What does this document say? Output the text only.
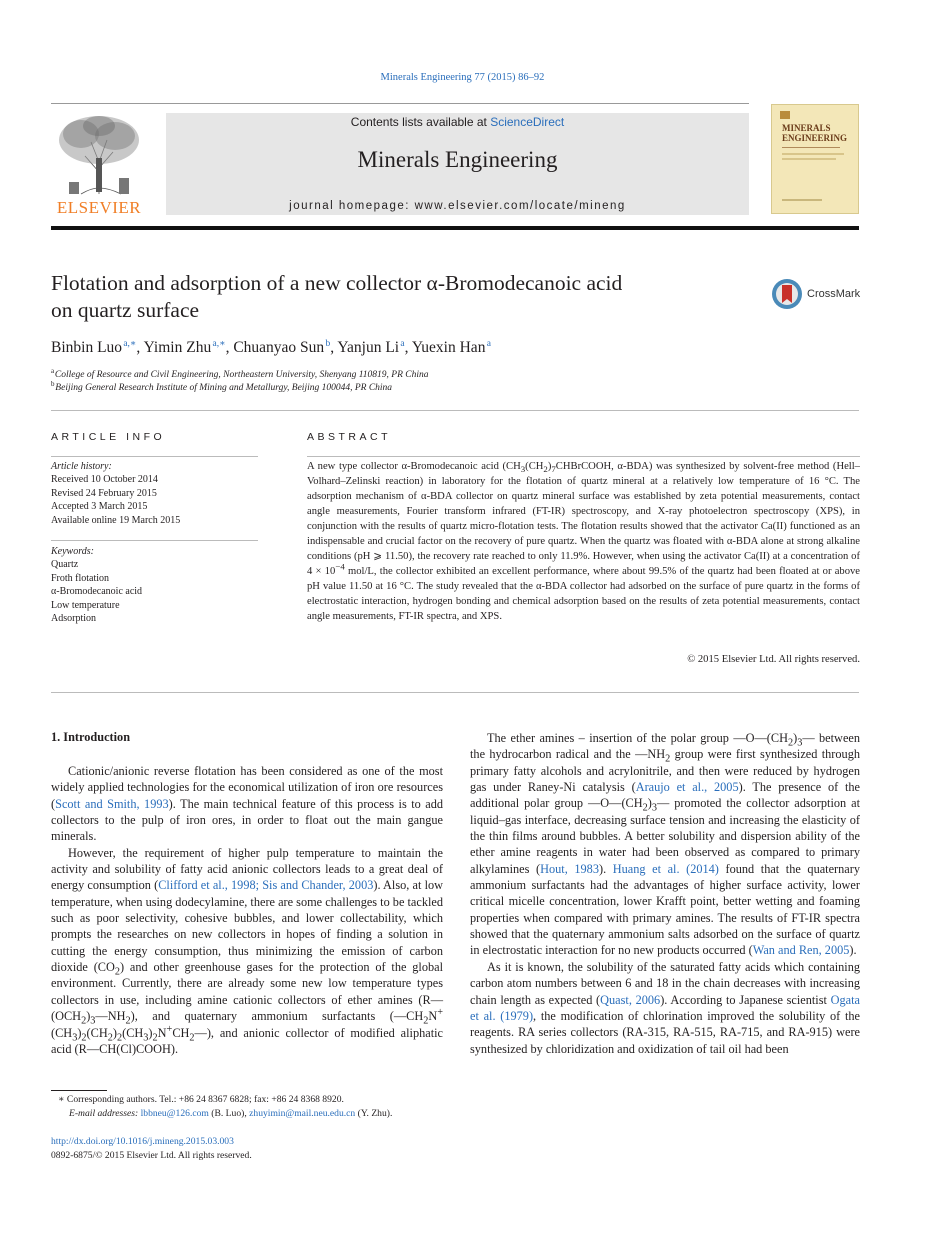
Minerals Engineering 77 (2015) 86–92
ELSEVIER
Contents lists available at ScienceDirect
Minerals Engineering
journal homepage: www.elsevier.com/locate/mineng
MINERALS ENGINEERING
Flotation and adsorption of a new collector α-Bromodecanoic acid
on quartz surface
CrossMark
Binbin Luo $^{a,∗}$, Yimin Zhu $^{a,∗}$, Chuanyao Sun $^b$, Yanjun Li $^a$, Yuexin Han $^a$
$^a$ College of Resource and Civil Engineering, Northeastern University, Shenyang 110819, PR China
$^b$ Beijing General Research Institute of Mining and Metallurgy, Beijing 100044, PR China
ARTICLE INFO
Article history:
Received 10 October 2014
Revised 24 February 2015
Accepted 3 March 2015
Available online 19 March 2015
Keywords:
Quartz
Froth flotation
α-Bromodecanoic acid
Low temperature
Adsorption
ABSTRACT
A new type collector α-Bromodecanoic acid ($CH_3(CH_2)_7CHBrCOOH$, α-BDA) was synthesized by solvent-free method (Hell–Volhard–Zelinski reaction) in laboratory for the flotation of quartz mineral at a relatively low temperature of 16 °C. The adsorption mechanism of α-BDA collector on quartz mineral surface was established by zeta potential measurements, contact angle measurements, Fourier transform infrared (FT-IR) spectroscopy, and X-ray photoelectron spectroscopy (XPS), in conjunction with the results of quartz micro-flotation tests. The flotation results showed that the activator Ca(II) functioned as an indispensable and crucial factor on the recovery of pure quartz. When the quartz was floated with α-BDA alone at strong alkaline conditions (pH ⩾ 11.50), the recovery rate reached to only 11.9%. However, when using the activator Ca(II) at a concentration of $4 \times 10^{-4}$ mol/L, the collector exhibited an excellent performance, where about 99.5% of the quartz had been floated at or above pH value 11.50 at 16 °C. The study revealed that the α-BDA collector had adsorbed on the surface of pure quartz in the forms of electrostatic interaction, hydrogen bonding and chemical adsorption based on the results of zeta potential measurements, contact angle measurements, FT-IR spectra, and XPS.
© 2015 Elsevier Ltd. All rights reserved.
1. Introduction

Cationic/anionic reverse flotation has been considered as one of the most widely applied technologies for the economical utilization of iron ore resources (Scott and Smith, 1993). The main technical feature of this process is to add collectors to the pulp of iron ores, in order to float out the main gangue minerals.

However, the requirement of higher pulp temperature to maintain the activity and solubility of fatty acid anionic collectors leads to a great deal of energy consumption (Clifford et al., 1998; Sis and Chander, 2003). Also, at low temperature, when using dodecylamine, there are some challenges to be tackled such as poor selectivity, cohesive bubbles, and lower collectability, which prompts the researches on new collectors in hopes of finding a solution in cutting the energy consumption, thus minimizing the emission of carbon dioxide $(CO_2)$ and other greenhouse gases for the protection of the global environment. Currently, there are already some new low temperature types collectors in use, including amine cationic collectors of ether amines $(R—(OCH_2)_3—NH_2)$, and quaternary ammonium surfactants $(—CH_2N^+(CH_3)_2(CH_2)_2(CH_3)_2N^+CH_2—)$, and anionic collector of modified aliphatic acid (R—CH(Cl)COOH).

∗ Corresponding authors. Tel.: +86 24 8367 6828; fax: +86 24 8368 8920.
E-mail addresses: lbbneu@126.com (B. Luo), zhuyimin@mail.neu.edu.cn (Y. Zhu).
http://dx.doi.org/10.1016/j.mineng.2015.03.003
0892-6875/© 2015 Elsevier Ltd. All rights reserved.

The ether amines – insertion of the polar group $—O—(CH_2)_3—$ between the hydrocarbon radical and the $—NH_2$ group were first synthesized through primary fatty alcohols and acrylonitrile, and then were reduced by hydrogen gas under Raney-Ni catalysis (Araujo et al., 2005). The presence of the additional polar group $—O—(CH_2)_3—$ promoted the collector adsorption at liquid–gas interface, decreasing surface tension and increasing the elasticity of the thin films around bubbles. A better solubility and dispersion ability of the ether amine reagents in water had been observed as compared to primary alkylamines (Hout, 1983). Huang et al. (2014) found that the quaternary ammonium surfactants had the advantages of higher surface activity, lower critical micelle concentration, lower Krafft point, better wetting and foaming properties when compared with primary amines. The results of FT-IR spectra showed that the quaternary ammonium salts adsorbed on the surface of quartz in electrostatic interaction for no new products occurred (Wan and Ren, 2005).

As it is known, the solubility of the saturated fatty acids which containing carbon atom numbers between 6 and 18 in the chain decreases with increasing chain length as expected (Quast, 2006). According to Japanese scientist Ogata et al. (1979), the modification of chlorination improved the solubility of the reagents. RA series collectors (RA-315, RA-515, RA-715, and RA-915) were synthesized by chloridization and oxidization of tail oil had been
